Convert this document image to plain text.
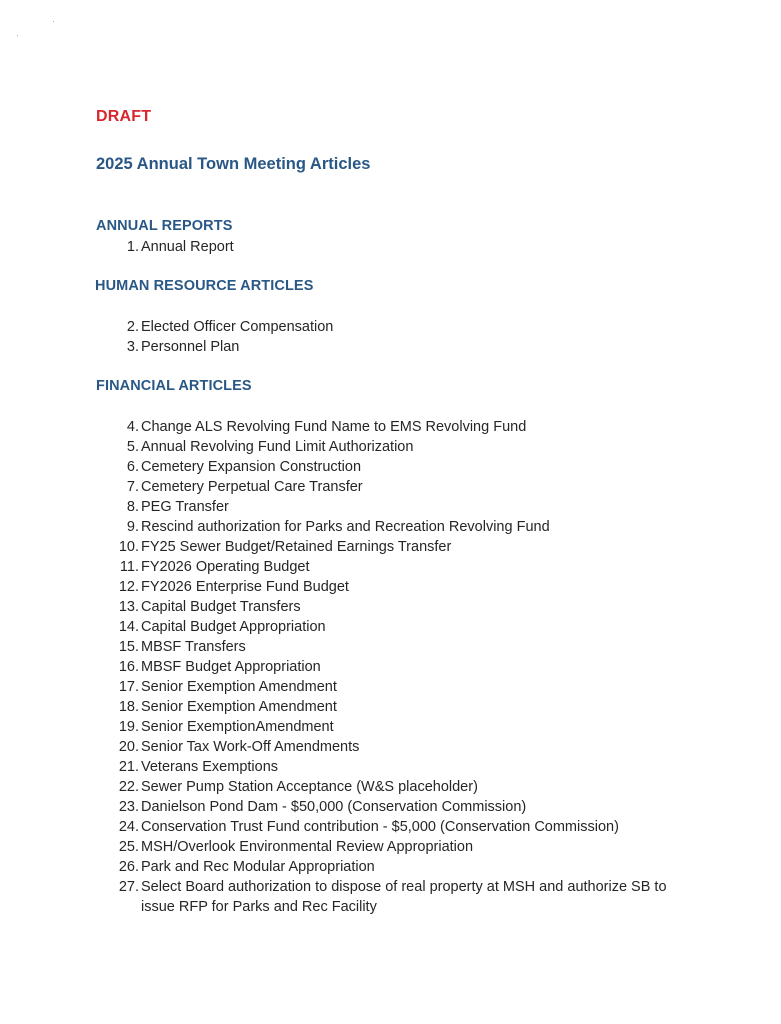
·
·
DRAFT
2025 Annual Town Meeting Articles
ANNUAL REPORTS
1. Annual Report
HUMAN RESOURCE ARTICLES
2. Elected Officer Compensation
3. Personnel Plan
FINANCIAL ARTICLES
4. Change ALS Revolving Fund Name to EMS Revolving Fund
5. Annual Revolving Fund Limit Authorization
6. Cemetery Expansion Construction
7. Cemetery Perpetual Care Transfer
8. PEG Transfer
9. Rescind authorization for Parks and Recreation Revolving Fund
10. FY25 Sewer Budget/Retained Earnings Transfer
11. FY2026 Operating Budget
12. FY2026 Enterprise Fund Budget
13. Capital Budget Transfers
14. Capital Budget Appropriation
15. MBSF Transfers
16. MBSF Budget Appropriation
17. Senior Exemption Amendment
18. Senior Exemption Amendment
19. Senior ExemptionAmendment
20. Senior Tax Work-Off Amendments
21. Veterans Exemptions
22. Sewer Pump Station Acceptance (W&S placeholder)
23. Danielson Pond Dam - $50,000 (Conservation Commission)
24. Conservation Trust Fund contribution - $5,000 (Conservation Commission)
25. MSH/Overlook Environmental Review Appropriation
26. Park and Rec Modular Appropriation
27. Select Board authorization to dispose of real property at MSH and authorize SB to issue RFP for Parks and Rec Facility
